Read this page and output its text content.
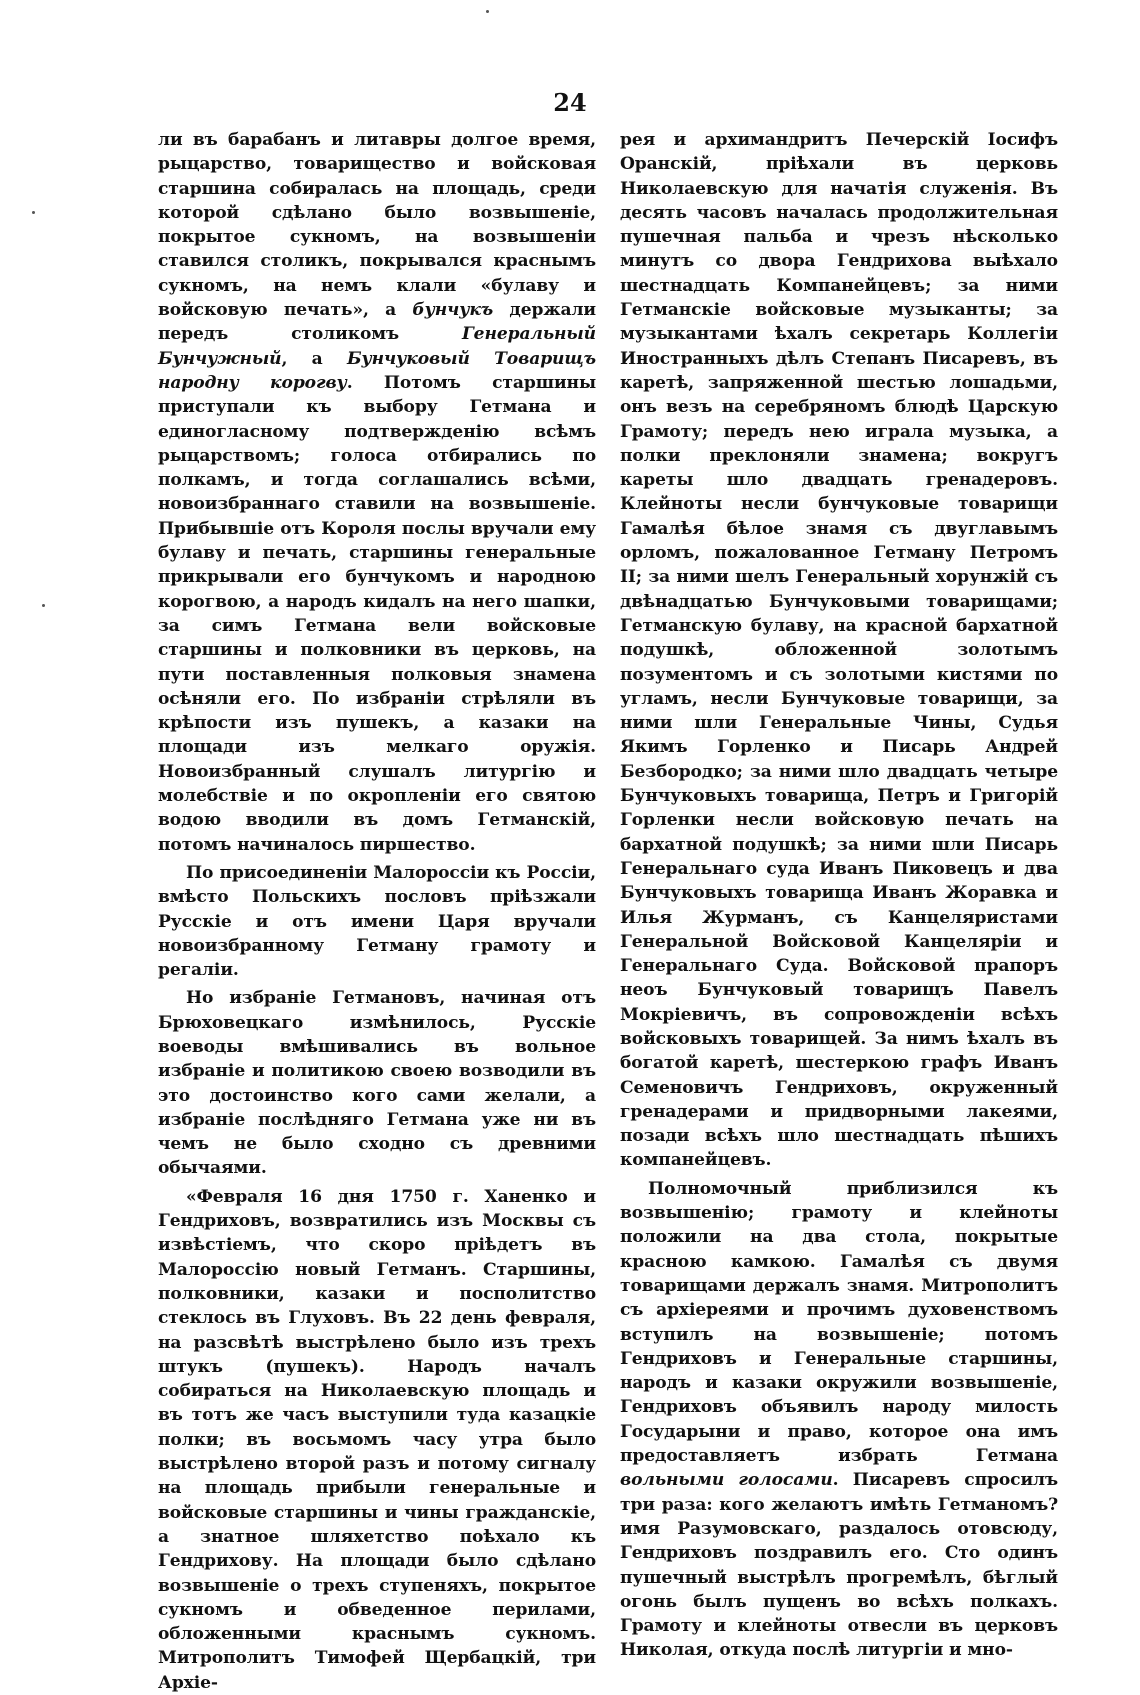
24

ли въ барабанъ и литавры долгое время, рыцарство, товарищество и войсковая старшина собиралась на площадь, среди которой сдѣлано было возвышеніе, покрытое сукномъ, на возвышеніи ставился столикъ, покрывался краснымъ сукномъ, на немъ клали «булаву и войсковую печать», а бунчукъ держали передъ столикомъ Генеральный Бунчужный, а Бунчуковый Товарищъ народну корогву. Потомъ старшины приступали къ выбору Гетмана и единогласному подтвержденію всѣмъ рыцарствомъ; голоса отбирались по полкамъ, и тогда соглашались всѣми, новоизбраннаго ставили на возвышеніе. Прибывшіе отъ Короля послы вручали ему булаву и печать, старшины генеральные прикрывали его бунчукомъ и народною корогвою, а народъ кидалъ на него шапки, за симъ Гетмана вели войсковые старшины и полковники въ церковь, на пути поставленныя полковыя знамена осѣняли его. По избраніи стрѣляли въ крѣпости изъ пушекъ, а казаки на площади изъ мелкаго оружія. Новоизбранный слушалъ литургію и молебствіе и по окропленіи его святою водою вводили въ домъ Гетманскій, потомъ начиналось пиршество.

По присоединеніи Малороссіи къ Россіи, вмѣсто Польскихъ пословъ пріѣзжали Русскіе и отъ имени Царя вручали новоизбранному Гетману грамоту и регаліи.

Но избраніе Гетмановъ, начиная отъ Брюховецкаго измѣнилось, Русскіе воеводы вмѣшивались въ вольное избраніе и политикою своею возводили въ это достоинство кого сами желали, а избраніе послѣдняго Гетмана уже ни въ чемъ не было сходно съ древними обычаями.

«Февраля 16 дня 1750 г. Ханенко и Гендриховъ, возвратились изъ Москвы съ извѣстіемъ, что скоро пріѣдетъ въ Малороссію новый Гетманъ. Старшины, полковники, казаки и посполитство стеклось въ Глуховъ. Въ 22 день февраля, на разсвѣтѣ выстрѣлено было изъ трехъ штукъ (пушекъ). Народъ началъ собираться на Николаевскую площадь и въ тотъ же часъ выступили туда казацкіе полки; въ восьмомъ часу утра было выстрѣлено второй разъ и потому сигналу на площадь прибыли генеральные и войсковые старшины и чины гражданскіе, а знатное шляхетство поѣхало къ Гендрихову. На площади было сдѣлано возвышеніе о трехъ ступеняхъ, покрытое сукномъ и обведенное перилами, обложенными краснымъ сукномъ. Митрополитъ Тимофей Щербацкій, три Архіе-

рея и архимандритъ Печерскій Іосифъ Оранскій, пріѣхали въ церковь Николаевскую для начатія служенія. Въ десять часовъ началась продолжительная пушечная пальба и чрезъ нѣсколько минутъ со двора Гендрихова выѣхало шестнадцать Компанейцевъ; за ними Гетманскіе войсковые музыканты; за музыкантами ѣхалъ секретарь Коллегіи Иностранныхъ дѣлъ Степанъ Писаревъ, въ каретѣ, запряженной шестью лошадьми, онъ везъ на серебряномъ блюдѣ Царскую Грамоту; передъ нею играла музыка, а полки преклоняли знамена; вокругъ кареты шло двадцать гренадеровъ. Клейноты несли бунчуковые товарищи Гамалѣя бѣлое знамя съ двуглавымъ орломъ, пожалованное Гетману Петромъ II; за ними шелъ Генеральный хорунжій съ двѣнадцатью Бунчуковыми товарищами; Гетманскую булаву, на красной бархатной подушкѣ, обложенной золотымъ позументомъ и съ золотыми кистями по угламъ, несли Бунчуковые товарищи, за ними шли Генеральные Чины, Судья Якимъ Горленко и Писарь Андрей Безбородко; за ними шло двадцать четыре Бунчуковыхъ товарища, Петръ и Григорій Горленки несли войсковую печать на бархатной подушкѣ; за ними шли Писарь Генеральнаго суда Иванъ Пиковецъ и два Бунчуковыхъ товарища Иванъ Жоравка и Илья Журманъ, съ Канцеляристами Генеральной Войсковой Канцеляріи и Генеральнаго Суда. Войсковой прапоръ неоъ Бунчуковый товарищъ Павелъ Мокріевичъ, въ сопровожденіи всѣхъ войсковыхъ товарищей. За нимъ ѣхалъ въ богатой каретѣ, шестеркою графъ Иванъ Семеновичъ Гендриховъ, окруженный гренадерами и придворными лакеями, позади всѣхъ шло шестнадцать пѣшихъ компанейцевъ.

Полномочный приблизился къ возвышенію; грамоту и клейноты положили на два стола, покрытые красною камкою. Гамалѣя съ двумя товарищами держалъ знамя. Митрополитъ съ архіереями и прочимъ духовенствомъ вступилъ на возвышеніе; потомъ Гендриховъ и Генеральные старшины, народъ и казаки окружили возвышеніе, Гендриховъ объявилъ народу милость Государыни и право, которое она имъ предоставляетъ избрать Гетмана вольными голосами. Писаревъ спросилъ три раза: кого желаютъ имѣть Гетманомъ? имя Разумовскаго, раздалось отовсюду, Гендриховъ поздравилъ его. Сто одинъ пушечный выстрѣлъ прогремѣлъ, бѣглый огонь былъ пущенъ во всѣхъ полкахъ. Грамоту и клейноты отвесли въ церковъ Николая, откуда послѣ литургіи и мно-
